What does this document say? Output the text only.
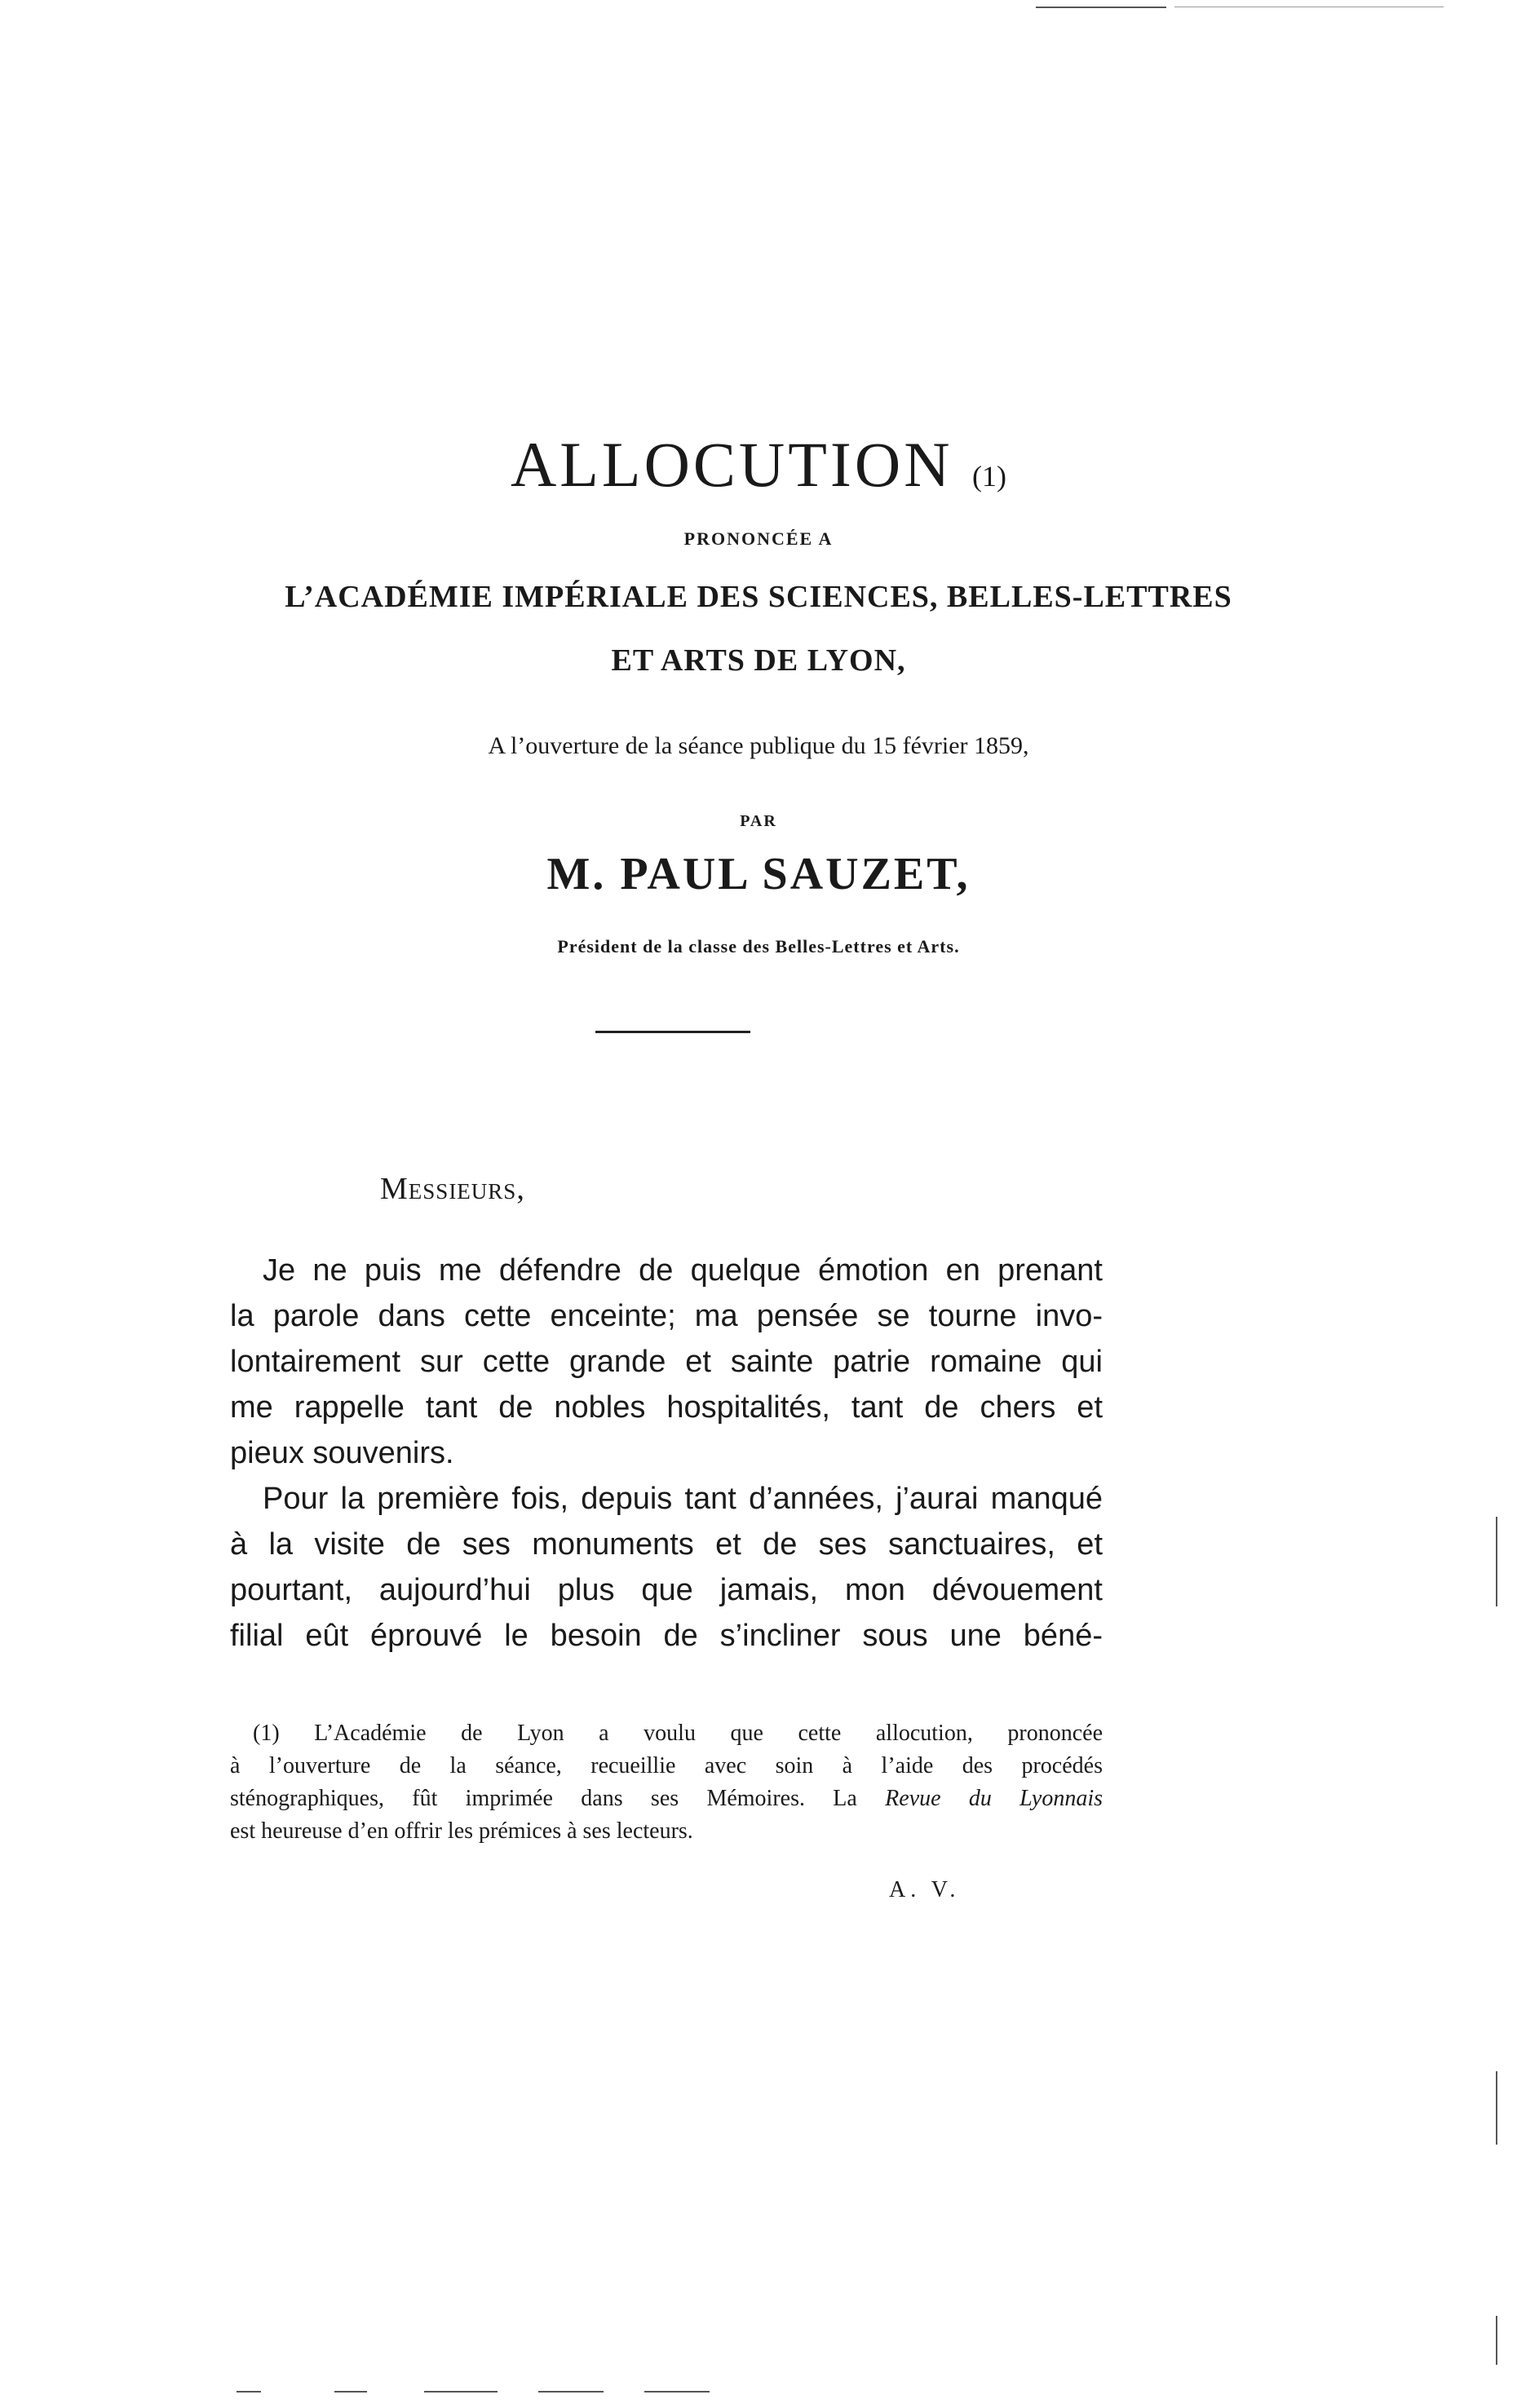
ALLOCUTION (1)
PRONONCÉE A
L’ACADÉMIE IMPÉRIALE DES SCIENCES, BELLES-LETTRES
ET ARTS DE LYON,
A l’ouverture de la séance publique du 15 février 1859,
PAR
M. PAUL SAUZET,
Président de la classe des Belles-Lettres et Arts.
Messieurs,
Je ne puis me défendre de quelque émotion en prenant
la parole dans cette enceinte; ma pensée se tourne invo-
lontairement sur cette grande et sainte patrie romaine qui
me rappelle tant de nobles hospitalités, tant de chers et
pieux souvenirs.
Pour la première fois, depuis tant d’années, j’aurai manqué
à la visite de ses monuments et de ses sanctuaires, et
pourtant, aujourd’hui plus que jamais, mon dévouement
filial eût éprouvé le besoin de s’incliner sous une béné-
(1) L’Académie de Lyon a voulu que cette allocution, prononcée
à l’ouverture de la séance, recueillie avec soin à l’aide des procédés
sténographiques, fût imprimée dans ses Mémoires. La Revue du Lyonnais
est heureuse d’en offrir les prémices à ses lecteurs.
A. V.
